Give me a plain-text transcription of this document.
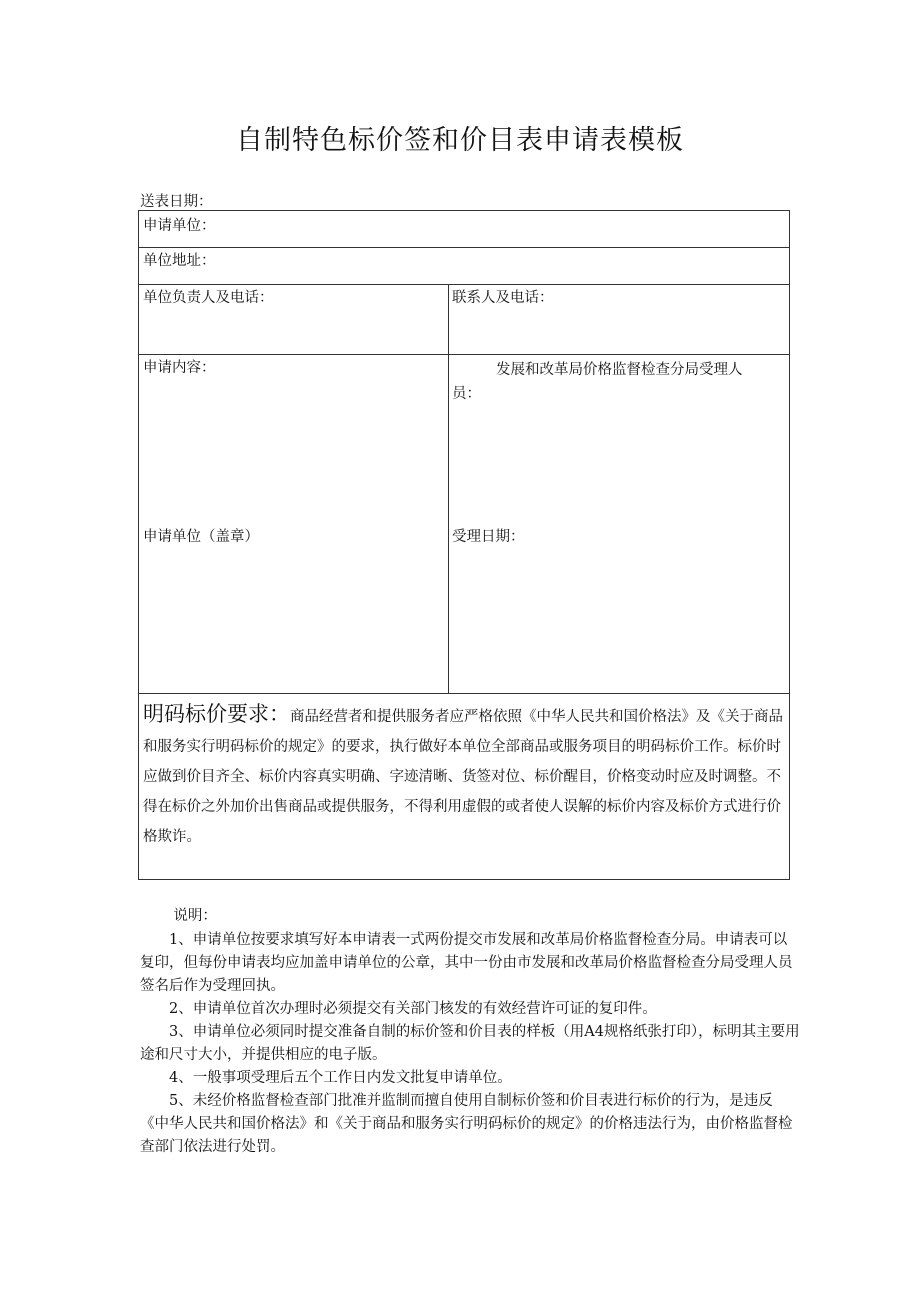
自制特色标价签和价目表申请表模板
送表日期：
申请单位：
单位地址：
单位负责人及电话：	联系人及电话：
申请内容：	发展和改革局价格监督检查分局受理人
员：
申请单位（盖章）	受理日期：
明码标价要求：商品经营者和提供服务者应严格依照《中华人民共和国价格法》及《关于商品和服务实行明码标价的规定》的要求，执行做好本单位全部商品或服务项目的明码标价工作。标价时应做到价目齐全、标价内容真实明确、字迹清晰、货签对位、标价醒目，价格变动时应及时调整。不得在标价之外加价出售商品或提供服务，不得利用虚假的或者使人误解的标价内容及标价方式进行价格欺诈。

说明：

1、申请单位按要求填写好本申请表一式两份提交市发展和改革局价格监督检查分局。申请表可以复印，但每份申请表均应加盖申请单位的公章，其中一份由市发展和改革局价格监督检查分局受理人员签名后作为受理回执。

2、申请单位首次办理时必须提交有关部门核发的有效经营许可证的复印件。

3、申请单位必须同时提交准备自制的标价签和价目表的样板（用A4规格纸张打印），标明其主要用途和尺寸大小，并提供相应的电子版。

4、一般事项受理后五个工作日内发文批复申请单位。

5、未经价格监督检查部门批准并监制而擅自使用自制标价签和价目表进行标价的行为，是违反《中华人民共和国价格法》和《关于商品和服务实行明码标价的规定》的价格违法行为，由价格监督检查部门依法进行处罚。
